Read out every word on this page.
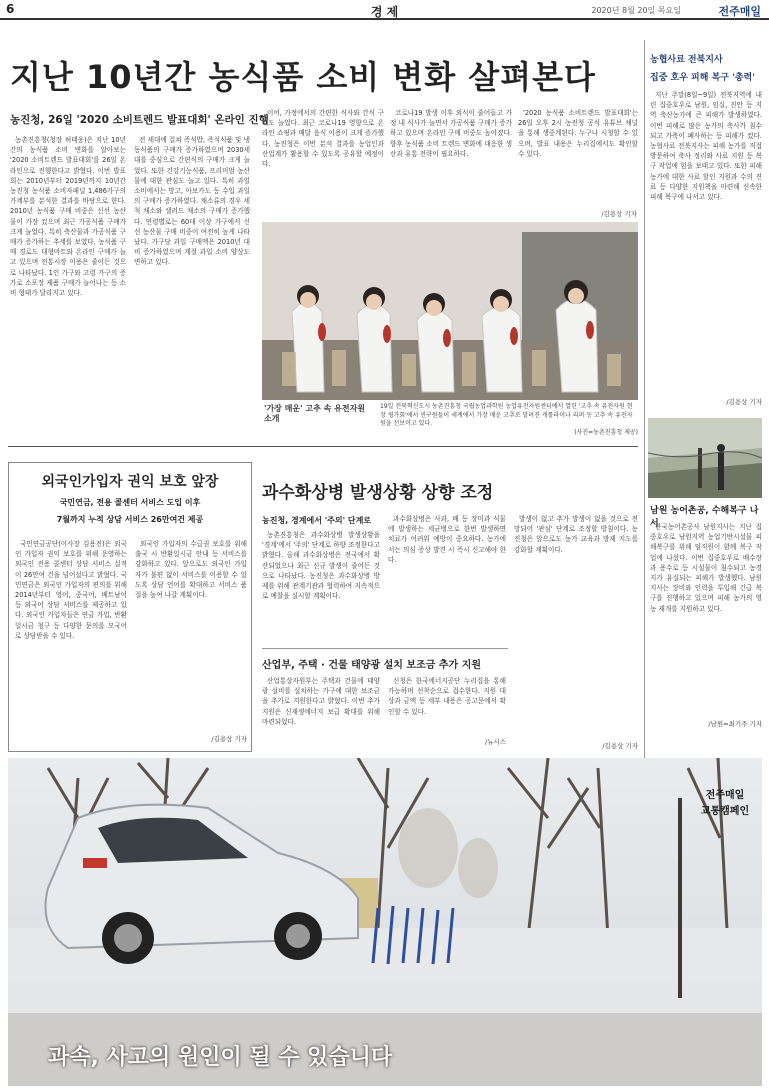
6	경 제	2020년 8월 20일 목요일	전주매일
지난 10년간 농식품 소비 변화 살펴본다
농진청, 26일 '2020 소비트렌드 발표대회' 온라인 진행

농촌진흥청(청장 허태웅)은 지난 10년간의 농식품 소비 변화를 알아보는 '2020 소비트렌드 발표대회'를 26일 온라인으로 진행한다고 밝혔다. 이번 발표회는 2010년부터 2019년까지 10년간 농진청 농식품 소비자패널 1,486가구의 가계부를 분석한 결과를 바탕으로 한다. 2010년 농식품 구매 비중은 신선 농산물이 가장 컸으며 최근 가공식품 구매가 크게 늘었다. 특히 축산물과 가공식품 구매가 증가하는 추세를 보였다. 농식품 구매 경로도 대형마트와 온라인 구매가 늘고 있으며 전통시장 이용은 줄어든 것으로 나타났다. 1인 가구와 고령 가구의 증가로 소포장 제품 구매가 늘어나는 등 소비 형태가 달라지고 있다.

전 세대에 걸쳐 즉석밥, 즉석식품 및 냉동식품의 구매가 증가하였으며 2030세대를 중심으로 간편식의 구매가 크게 늘었다. 또한 건강기능식품, 프리미엄 농산물에 대한 관심도 늘고 있다. 특히 과일 소비에서는 망고, 아보카도 등 수입 과일의 구매가 증가하였다. 채소류의 경우 세척 채소와 샐러드 채소의 구매가 증가했다. 연령별로는 60대 이상 가구에서 신선 농산물 구매 비중이 여전히 높게 나타났다. 가구당 과일 구매액은 2010년 대비 증가하였으며 계절 과일 소비 양상도 변하고 있다.

이어, 가정에서의 간편한 식사와 간식 구매도 늘었다. 최근 코로나19 영향으로 온라인 쇼핑과 배달 음식 이용이 크게 증가했다. 농진청은 이번 분석 결과를 농업인과 산업계가 활용할 수 있도록 공유할 예정이다.

코로나19 발생 이후 외식이 줄어들고 가정 내 식사가 늘면서 가공식품 구매가 증가하고 있으며 온라인 구매 비중도 높아졌다. 향후 농식품 소비 트렌드 변화에 대응한 생산과 유통 전략이 필요하다.

'2020 농식품 소비트렌드 발표대회'는 26일 오후 2시 농진청 공식 유튜브 채널을 통해 생중계된다. 누구나 시청할 수 있으며, 발표 내용은 누리집에서도 확인할 수 있다.

/김용상 기자
'가장 매운' 고추 속 유전자원 소개
19일 전북혁신도시 농촌진흥청 국립농업과학원 농업유전자원센터에서 열린 '고추 속 유전자원 현장 평가회'에서 연구원들이 세계에서 가장 매운 고추로 알려진 캐롤라이나 리퍼 등 고추 속 유전자원을 선보이고 있다.
(사진=농촌진흥청 제공)
농협사료 전북지사
집중 호우 피해 복구 '총력'

지난 주말(8일~9일) 전북지역에 내린 집중호우로 남원, 임실, 진안 등 지역 축산농가에 큰 피해가 발생하였다. 이번 피해로 많은 농가의 축사가 침수되고 가축이 폐사하는 등 피해가 컸다. 농협사료 전북지사는 피해 농가를 직접 방문하여 축사 정리와 사료 지원 등 복구 작업에 힘을 보태고 있다. 또한 피해 농가에 대한 사료 할인 지원과 수의 진료 등 다양한 지원책을 마련해 신속한 피해 복구에 나서고 있다.

/김용상 기자
남원 농어촌공, 수해복구 나서

한국농어촌공사 남원지사는 지난 집중호우로 남원지역 농업기반시설물 피해복구를 위해 임직원이 함께 복구 작업에 나섰다. 이번 집중호우로 배수장과 용수로 등 시설물이 침수되고 농경지가 유실되는 피해가 발생했다. 남원지사는 장비와 인력을 투입해 긴급 복구를 진행하고 있으며 피해 농가의 영농 재개를 지원하고 있다.

/남원=최기주 기자
외국인가입자 권익 보호 앞장
국민연금, 전용 콜센터 서비스 도입 이후
7월까지 누적 상담 서비스 26만여건 제공

국민연금공단(이사장 김용진)은 외국인 가입자 권익 보호를 위해 운영하는 외국인 전용 콜센터 상담 서비스 실적이 26만여 건을 넘어섰다고 밝혔다. 국민연금은 외국인 가입자의 편의를 위해 2014년부터 영어, 중국어, 베트남어 등 외국어 상담 서비스를 제공하고 있다. 외국인 가입자들은 연금 가입, 반환일시금 청구 등 다양한 문의를 모국어로 상담받을 수 있다.

외국인 가입자의 수급권 보호를 위해 출국 시 반환일시금 안내 등 서비스를 강화하고 있다. 앞으로도 외국인 가입자가 불편 없이 서비스를 이용할 수 있도록 상담 언어를 확대하고 서비스 품질을 높여 나갈 계획이다.

/김용상 기자
과수화상병 발생상황 상향 조정
농진청, 경계에서 '주의' 단계로

농촌진흥청은 과수화상병 발생상황을 '경계'에서 '주의' 단계로 하향 조정한다고 밝혔다. 올해 과수화상병은 전국에서 확산되었으나 최근 신규 발생이 줄어든 것으로 나타났다. 농진청은 과수화상병 방제를 위해 관계기관과 협력하여 지속적으로 예찰을 실시할 계획이다.

과수화상병은 사과, 배 등 장미과 식물에 발생하는 세균병으로 한번 발생하면 치료가 어려워 예방이 중요하다. 농가에서는 의심 증상 발견 시 즉시 신고해야 한다.

발생이 없고 추가 발생이 없을 것으로 전망되어 '관심' 단계로 조정할 방침이다. 농진청은 앞으로도 농가 교육과 방제 지도를 강화할 계획이다.

/김용상 기자
산업부, 주택 · 건물 태양광 설치 보조금 추가 지원

산업통상자원부는 주택과 건물에 태양광 설비를 설치하는 가구에 대한 보조금을 추가로 지원한다고 밝혔다. 이번 추가 지원은 신재생에너지 보급 확대를 위해 마련되었다.

신청은 한국에너지공단 누리집을 통해 가능하며 선착순으로 접수한다. 지원 대상과 금액 등 세부 내용은 공고문에서 확인할 수 있다.

/뉴시스
전주매일
교통캠페인
과속, 사고의 원인이 될 수 있습니다
